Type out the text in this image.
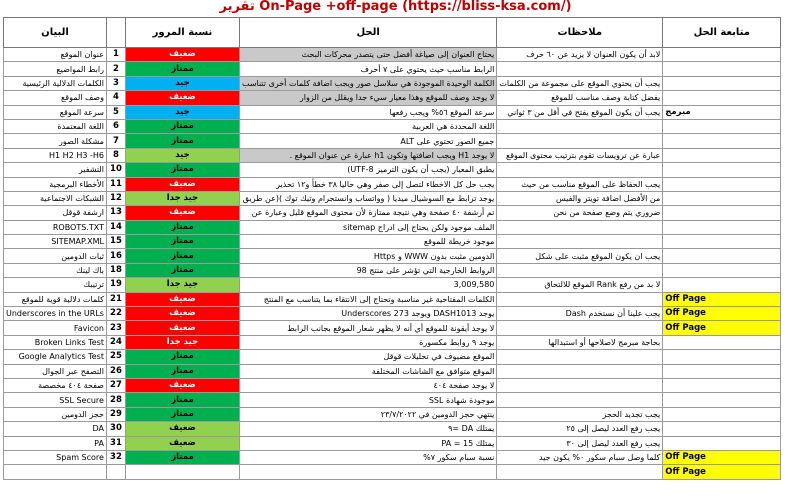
تقرير On-Page +off-page (https://bliss-ksa.com/)
البيان		نسبة المرور	الحل	ملاحظات	متابعة الحل
عنوان الموقع	1	ضعيف	يحتاج العنوان إلى صياغة أفضل حتى يتصدر محركات البحث	لابد أن يكون العنوان لا يزيد عن ٦٠ حرف	
رابط المواضيع	2	ممتاز	الرابط مناسب حيث يحتوي على ٧ أحرف		
الكلمات الدلالية الرئيسية	3	جيد	الكلمة الوحيدة الموجودة هي سلاسل صور ويجب اضافة كلمات أخرى تتناسب	يجب أن يحتوي الموقع على مجموعة من الكلمات	
وصف الموقع	4	ضعيف	لا يوجد وصف للموقع وهذا معيار سيء جدا ويقلل من الزوار	يفضل كتابة وصف مناسب للموقع	
سرعة الموقع	5	جيد	سرعة الموقع ٥٦% ويجب رفعها	يجب أن يكون الموقع يفتح في أقل من ٣ ثواني	مبرمج
اللغة المعتمدة	6	ممتاز	اللغة المحددة هي العربية		
مشكلة الصور	7	ممتاز	جميع الصور تحتوي على ALT		
H1 H2 H3 -H6	8	جيد	لا يوجد H1 ويجب اضافتها وتكون h1 عبارة عن عنوان الموقع .	عبارة عن ترويسات تقوم بترتيب محتوى الموقع	
التشفير	10	ممتاز	يطبق المعيار (يجب أن يكون الترميز UTF-8)		
الأخطاء البرمجية	11	ضعيف	يجب حل كل الاخطاء لتصل إلى صفر وهي حاليا ٣٨ خطأ و١٢ تحذير	يجب الحفاظ على الموقع مناسب من حيث	
الشبكات الاجتماعية	12	جيد جدا	يوجد ترابط مع السوشيال ميديا ( وواتساب وانستجرام وتيك توك )(عن طريق	من الأفضل اضافة تويتر والفيس	
ارشفة قوقل	13	ضعيف	تم أرشفة ٤٠ صفحة وهي نتيجة ممتازة لأن محتوى الموقع قليل وعبارة عن	ضروري يتم وضع صفحة من نحن	
ROBOTS.TXT	14	ممتاز	الملف موجود ولكن يحتاج إلى ادراج sitemap		
SITEMAP.XML	15	ممتاز	موجود خريطة للموقع		
ثبات الدومين	16	ممتاز	الدومين مثبت بدون WWW و Https	يجب ان يكون الموقع مثبت على شكل	
باك لينك	18	ممتاز	الروابط الخارجية التي تؤشر على منتج 98		
ترتيبك	19	جيد جدا	3,009,580	لا بد من رفع Rank الموقع للالتحاق	
كلمات دلالية قوية للموقع	21	ضعيف	الكلمات المفتاحية غير مناسبة وتحتاج إلى الانتقاء بما يتناسب مع المنتج		Off Page
Underscores in the URLs	22	ضعيف	يوجد DASH1013 ويوجد Underscores 273	يجب علينا أن نستخدم Dash	Off Page
Favicon	23	ضعيف	لا يوجد أيقونة للموقع أي أنه لا يظهر شعار الموقع بجانب الرابط		Off Page
Broken Links Test	24	جيد جدا	يوجد ٩ روابط مكسورة	بحاجة مبرمج لاصلاحها أو استبدالها	
Google Analytics Test	25	ممتاز	الموقع مضيوف في تحليلات قوقل		
التصفح عبر الجوال	26	ممتاز	الموقع متوافق مع الشاشات المختلفة		
صفحة ٤٠٤ مخصصة	27	ضعيف	لا يوجد صفحة ٤٠٤		
SSL Secure	28	ممتاز	موجودة شهادة SSL		
حجز الدومين	29	ممتاز	ينتهي حجز الدومين في ٢٣/٧/٢٠٢٢	يجب تجديد الحجز	
DA	30	ضعيف	يمتلك DA =٩	يجب رفع العدد ليصل إلى ٢٥	
PA	31	ضعيف	يمتلك PA = 15	يجب رفع العدد ليصل إلى ٣٠	
Spam Score	32	ممتاز	نسبة سبام سكور ٧%	كلما وصل سبام سكور ٠% يكون جيد	Off Page
					Off Page
